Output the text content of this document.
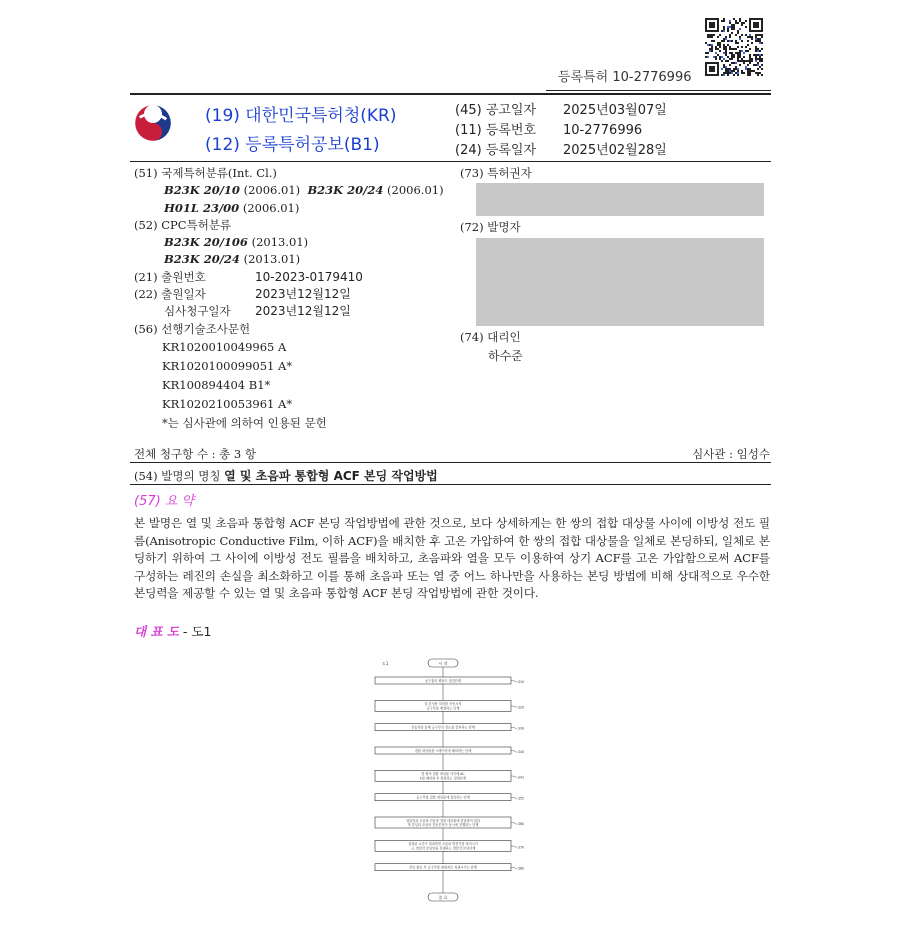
등록특허 10-2776996
(19) 대한민국특허청(KR)
(12) 등록특허공보(B1)
(45) 공고일자	2025년03월07일
(11) 등록번호	10-2776996
(24) 등록일자	2025년02월28일
(51) 국제특허분류(Int. Cl.)
B23K 20/10 (2006.01) B23K 20/24 (2006.01)
H01L 23/00 (2006.01)
(52) CPC특허분류
B23K 20/106 (2013.01)
B23K 20/24 (2013.01)
(21) 출원번호	10-2023-0179410
(22) 출원일자	2023년12월12일
심사청구일자	2023년12월12일
(56) 선행기술조사문헌
KR1020010049965 A
KR1020100099051 A*
KR100894404 B1*
KR1020210053961 A*
*는 심사관에 의하여 인용된 문헌
(73) 특허권자
(72) 발명자
(74) 대리인
하수준
전체 청구항 수 : 총 3 항	심사관 : 임성수
(54) 발명의 명칭 열 및 초음파 통합형 ACF 본딩 작업방법
(57) 요 약
본 발명은 열 및 초음파 통합형 ACF 본딩 작업방법에 관한 것으로, 보다 상세하게는 한 쌍의 접합 대상물 사이에 이방성 전도 필름(Anisotropic Conductive Film, 이하 ACF)을 배치한 후 고온 가압하여 한 쌍의 접합 대상물을 일체로 본딩하되, 일체로 본딩하기 위하여 그 사이에 이방성 전도 필름을 배치하고, 초음파와 열을 모두 이용하여 상기 ACF를 고온 가압함으로써 ACF를 구성하는 레진의 손실을 최소화하고 이를 통해 초음파 또는 열 중 어느 하나만을 사용하는 본딩 방법에 비해 상대적으로 우수한 본딩력을 제공할 수 있는 열 및 초음파 통합형 ACF 본딩 작업방법에 관한 것이다.
대 표 도 - 도1
도1	시 작
공구홈의 평탄도 점검단계	S10
열 본딩용 히터를 작동시켜
공구부를 예열하는 단계	S20
진동자를 통해 공구부의 진도를 감지하는 단계	S30
접합 대상물을 스테이지에 배치하는 단계	S40
한 쌍의 접합 대상물 사이에 AC
F를 배치한 후 정렬하는 정렬단계	S41
공구부를 접합 대상물에 접촉하는 단계	S55
열압착과 초음파 진동을 접합 대상물에 전달하여 열압
착 본딩과 초음파 진동본딩이 동시에 진행되는 단계	S60
설정된 시간이 경과하면 초음파 발진기를 정지시키
고, 열압착 본딩만을 진행하는 열압착 본딩단계	S70
본딩 완료 후 공구부를 원위치로 복귀시키는 단계	S80
종 료
